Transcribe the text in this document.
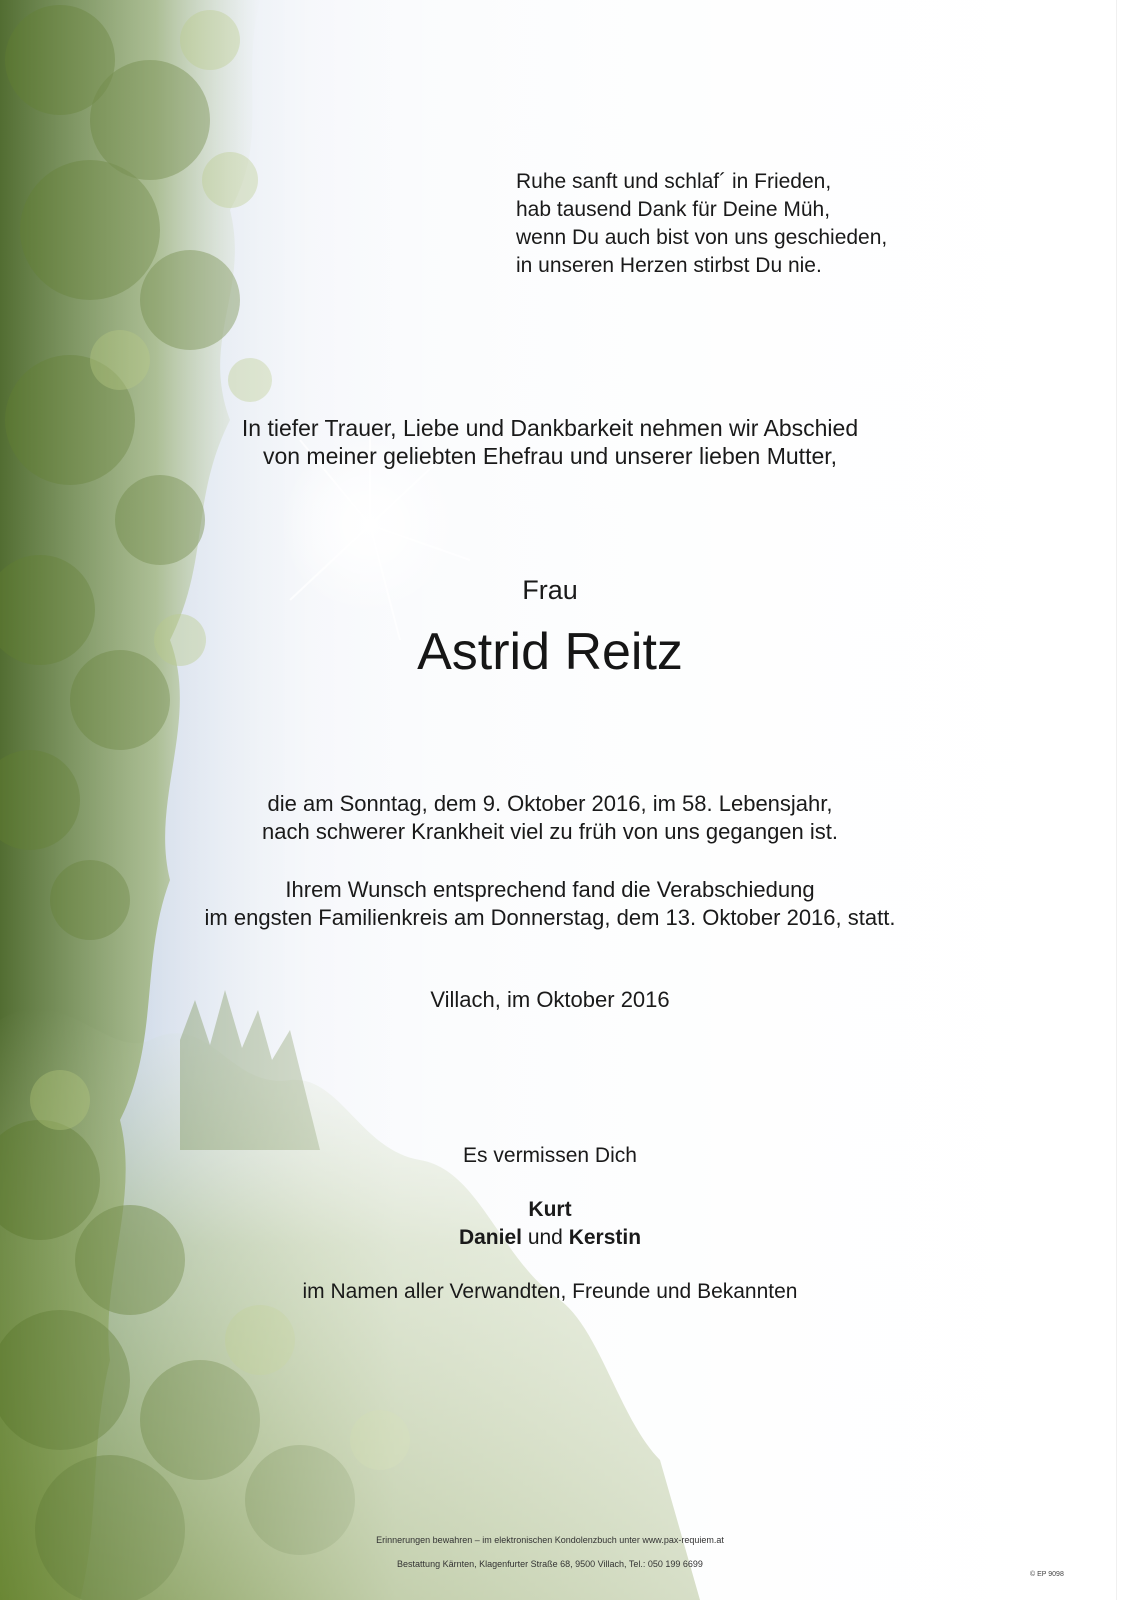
Ruhe sanft und schlaf´ in Frieden,
hab tausend Dank für Deine Müh,
wenn Du auch bist von uns geschieden,
in unseren Herzen stirbst Du nie.
In tiefer Trauer, Liebe und Dankbarkeit nehmen wir Abschied
von meiner geliebten Ehefrau und unserer lieben Mutter,
Frau
Astrid Reitz
die am Sonntag, dem 9. Oktober 2016, im 58. Lebensjahr,
nach schwerer Krankheit viel zu früh von uns gegangen ist.
Ihrem Wunsch entsprechend fand die Verabschiedung
im engsten Familienkreis am Donnerstag, dem 13. Oktober 2016, statt.
Villach, im Oktober 2016
Es vermissen Dich
Kurt
Daniel und Kerstin
im Namen aller Verwandten, Freunde und Bekannten
Erinnerungen bewahren – im elektronischen Kondolenzbuch unter www.pax-requiem.at
Bestattung Kärnten, Klagenfurter Straße 68, 9500 Villach, Tel.: 050 199 6699
© EP 9098
